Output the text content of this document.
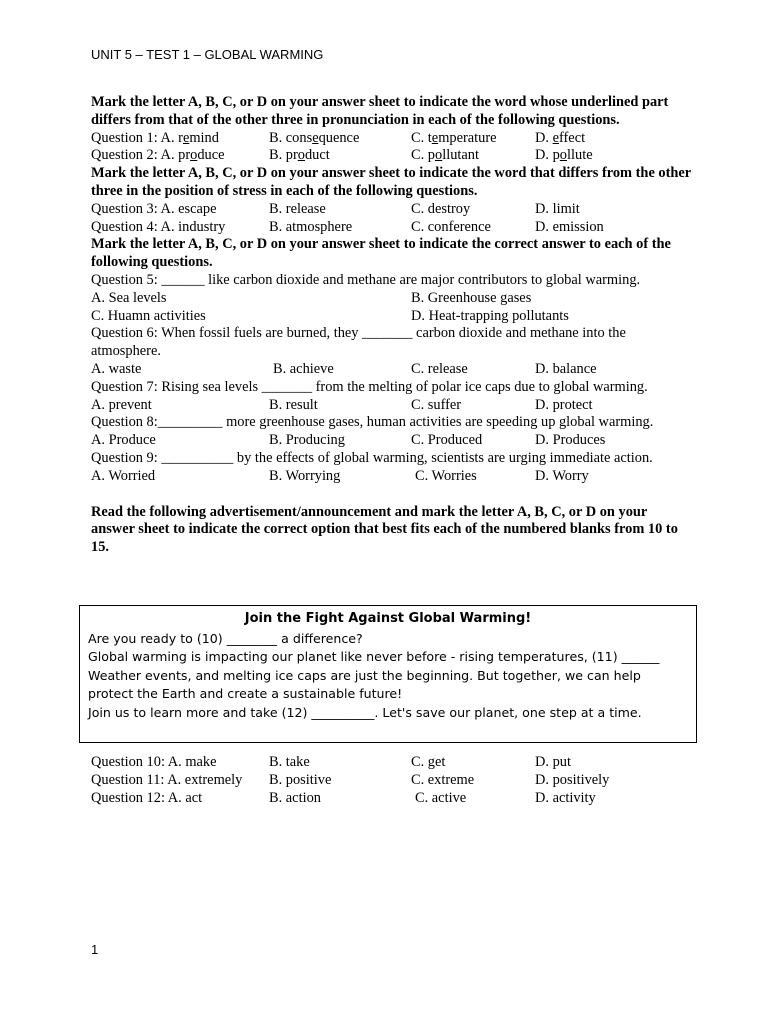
UNIT 5 – TEST 1 – GLOBAL WARMING
Mark the letter A, B, C, or D on your answer sheet to indicate the word whose underlined part differs from that of the other three in pronunciation in each of the following questions.
Question 1: A. remind	B. consequence	C. temperature	D. effect
Question 2: A. produce	B. product	C. pollutant	D. pollute
Mark the letter A, B, C, or D on your answer sheet to indicate the word that differs from the other three in the position of stress in each of the following questions.
Question 3: A. escape	B. release	C. destroy	D. limit
Question 4: A. industry	B. atmosphere	C. conference	D. emission
Mark the letter A, B, C, or D on your answer sheet to indicate the correct answer to each of the following questions.
Question 5: ______ like carbon dioxide and methane are major contributors to global warming.
A. Sea levels	B. Greenhouse gases
C. Huamn activities	D. Heat-trapping pollutants
Question 6: When fossil fuels are burned, they _______ carbon dioxide and methane into the atmosphere.
A. waste	B. achieve	C. release	D. balance
Question 7: Rising sea levels _______ from the melting of polar ice caps due to global warming.
A. prevent	B. result	C. suffer	D. protect
Question 8:_________ more greenhouse gases, human activities are speeding up global warming.
A. Produce	B. Producing	C. Produced	D. Produces
Question 9: __________ by the effects of global warming, scientists are urging immediate action.
A. Worried	B. Worrying	C. Worries	D. Worry
Read the following advertisement/announcement and mark the letter A, B, C, or D on your answer sheet to indicate the correct option that best fits each of the numbered blanks from 10 to 15.
Join the Fight Against Global Warming!
Are you ready to (10) ________ a difference?
Global warming is impacting our planet like never before - rising temperatures, (11) ______ Weather events, and melting ice caps are just the beginning. But together, we can help protect the Earth and create a sustainable future!
Join us to learn more and take (12) __________. Let's save our planet, one step at a time.
Question 10: A. make	B. take	C. get	D. put
Question 11: A. extremely B. positive	C. extreme	D. positively
Question 12: A. act	B. action	C. active	D. activity
1
